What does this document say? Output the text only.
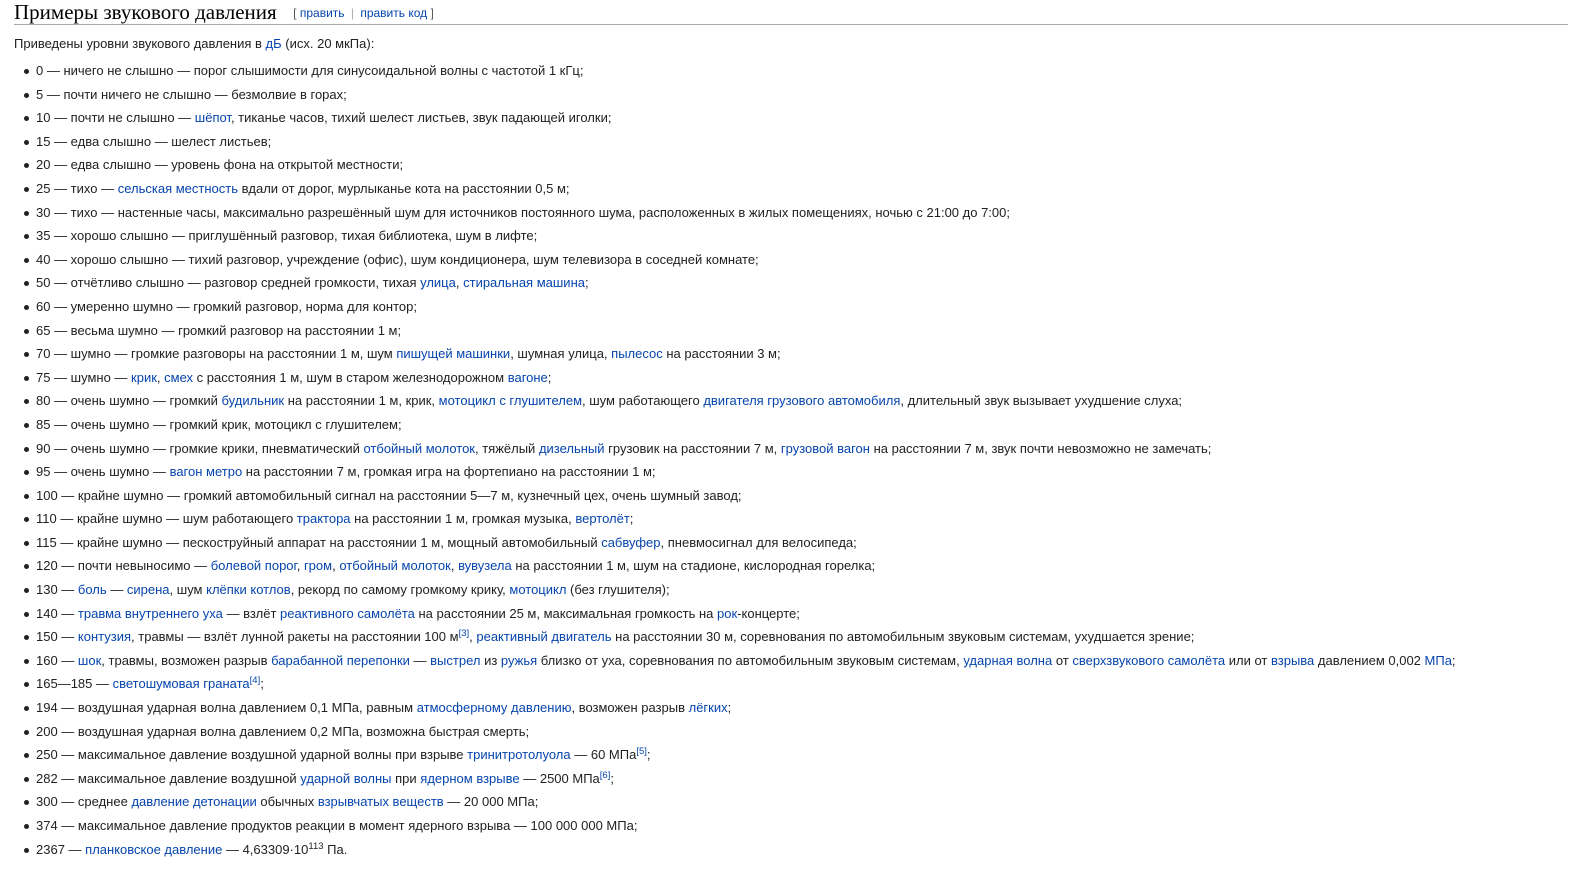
Примеры звукового давления [ править | править код ]

Приведены уровни звукового давления в дБ (исх. 20 мкПа):

0 — ничего не слышно — порог слышимости для синусоидальной волны с частотой 1 кГц;
5 — почти ничего не слышно — безмолвие в горах;
10 — почти не слышно — шёпот, тиканье часов, тихий шелест листьев, звук падающей иголки;
15 — едва слышно — шелест листьев;
20 — едва слышно — уровень фона на открытой местности;
25 — тихо — сельская местность вдали от дорог, мурлыканье кота на расстоянии 0,5 м;
30 — тихо — настенные часы, максимально разрешённый шум для источников постоянного шума, расположенных в жилых помещениях, ночью с 21:00 до 7:00;
35 — хорошо слышно — приглушённый разговор, тихая библиотека, шум в лифте;
40 — хорошо слышно — тихий разговор, учреждение (офис), шум кондиционера, шум телевизора в соседней комнате;
50 — отчётливо слышно — разговор средней громкости, тихая улица, стиральная машина;
60 — умеренно шумно — громкий разговор, норма для контор;
65 — весьма шумно — громкий разговор на расстоянии 1 м;
70 — шумно — громкие разговоры на расстоянии 1 м, шум пишущей машинки, шумная улица, пылесос на расстоянии 3 м;
75 — шумно — крик, смех с расстояния 1 м, шум в старом железнодорожном вагоне;
80 — очень шумно — громкий будильник на расстоянии 1 м, крик, мотоцикл с глушителем, шум работающего двигателя грузового автомобиля, длительный звук вызывает ухудшение слуха;
85 — очень шумно — громкий крик, мотоцикл с глушителем;
90 — очень шумно — громкие крики, пневматический отбойный молоток, тяжёлый дизельный грузовик на расстоянии 7 м, грузовой вагон на расстоянии 7 м, звук почти невозможно не замечать;
95 — очень шумно — вагон метро на расстоянии 7 м, громкая игра на фортепиано на расстоянии 1 м;
100 — крайне шумно — громкий автомобильный сигнал на расстоянии 5—7 м, кузнечный цех, очень шумный завод;
110 — крайне шумно — шум работающего трактора на расстоянии 1 м, громкая музыка, вертолёт;
115 — крайне шумно — пескоструйный аппарат на расстоянии 1 м, мощный автомобильный сабвуфер, пневмосигнал для велосипеда;
120 — почти невыносимо — болевой порог, гром, отбойный молоток, вувузела на расстоянии 1 м, шум на стадионе, кислородная горелка;
130 — боль — сирена, шум клёпки котлов, рекорд по самому громкому крику, мотоцикл (без глушителя);
140 — травма внутреннего уха — взлёт реактивного самолёта на расстоянии 25 м, максимальная громкость на рок-концерте;
150 — контузия, травмы — взлёт лунной ракеты на расстоянии 100 м[3], реактивный двигатель на расстоянии 30 м, соревнования по автомобильным звуковым системам, ухудшается зрение;
160 — шок, травмы, возможен разрыв барабанной перепонки — выстрел из ружья близко от уха, соревнования по автомобильным звуковым системам, ударная волна от сверхзвукового самолёта или от взрыва давлением 0,002 МПа;
165—185 — светошумовая граната[4];
194 — воздушная ударная волна давлением 0,1 МПа, равным атмосферному давлению, возможен разрыв лёгких;
200 — воздушная ударная волна давлением 0,2 МПа, возможна быстрая смерть;
250 — максимальное давление воздушной ударной волны при взрыве тринитротолуола — 60 МПа[5];
282 — максимальное давление воздушной ударной волны при ядерном взрыве — 2500 МПа[6];
300 — среднее давление детонации обычных взрывчатых веществ — 20 000 МПа;
374 — максимальное давление продуктов реакции в момент ядерного взрыва — 100 000 000 МПа;
2367 — планковское давление — $4,63309\cdot 10^{113}$ Па.
